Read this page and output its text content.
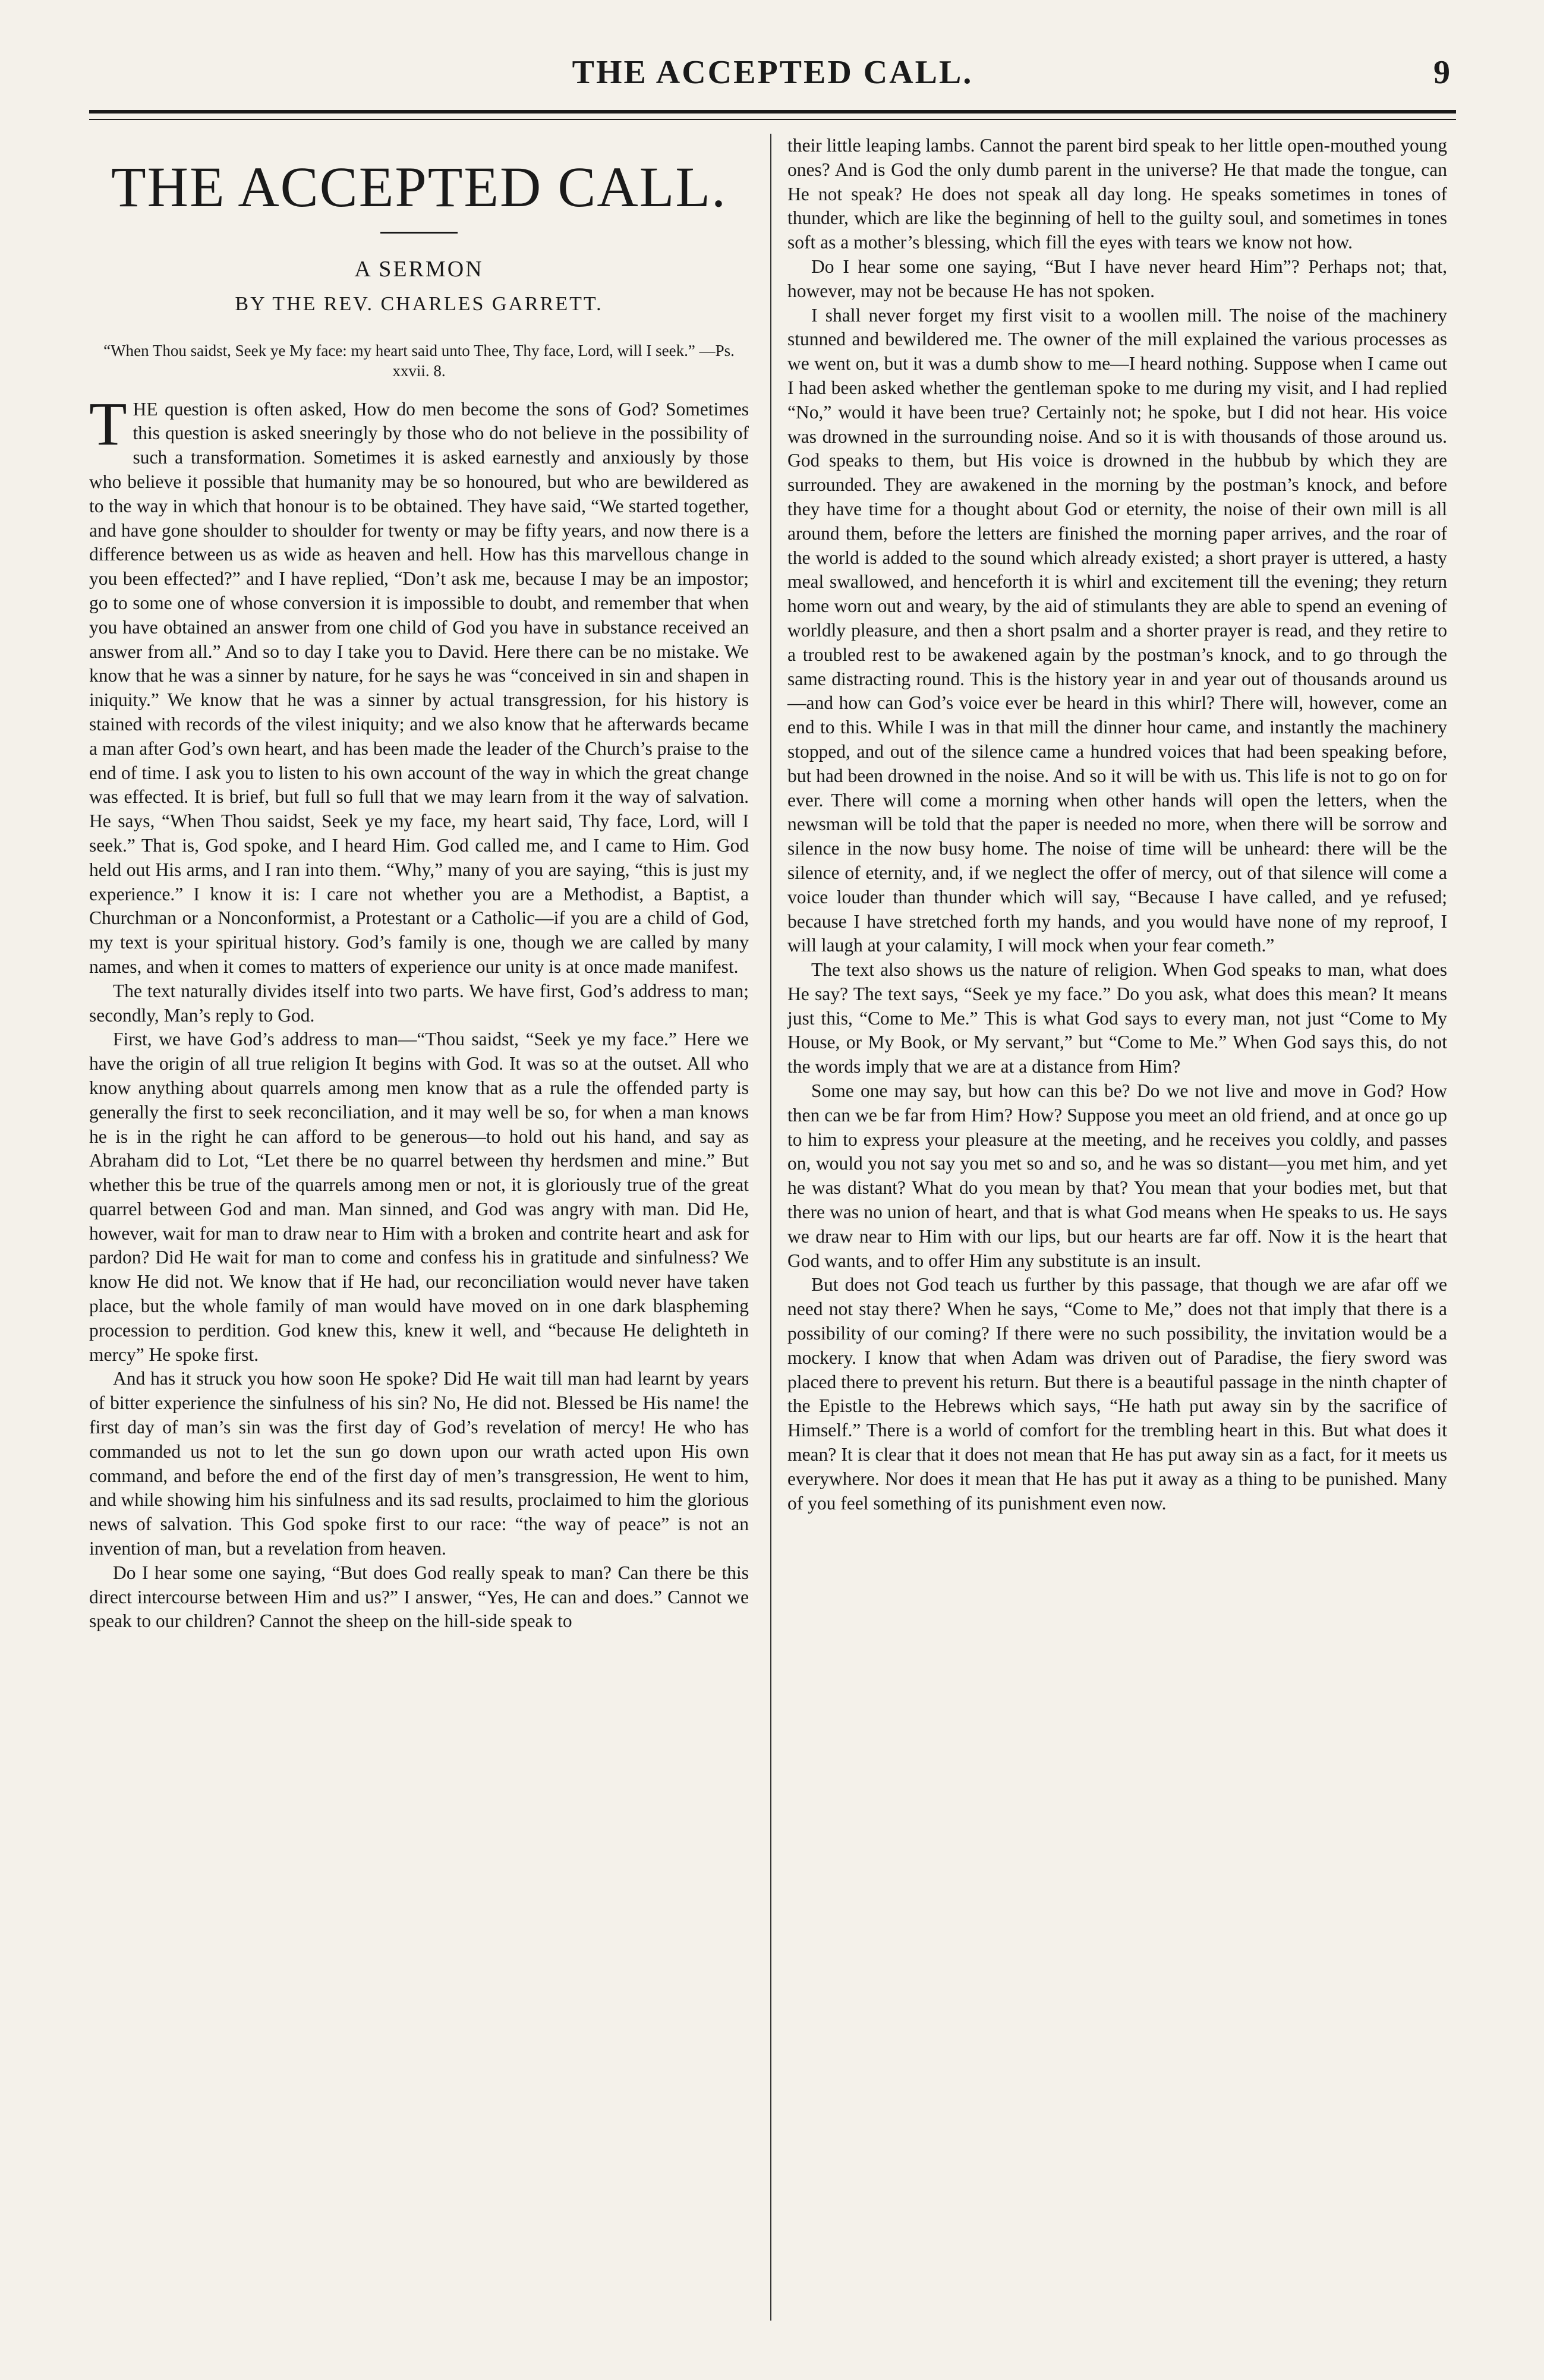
THE ACCEPTED CALL.	9
THE ACCEPTED CALL.
A SERMON
BY THE REV. CHARLES GARRETT.
“When Thou saidst, Seek ye My face: my heart said unto Thee, Thy face, Lord, will I seek.” —Ps. xxvii. 8.

THE question is often asked, How do men become the sons of God? Sometimes this question is asked sneeringly by those who do not believe in the possibility of such a transformation. Sometimes it is asked earnestly and anxiously by those who believe it possible that humanity may be so honoured, but who are bewildered as to the way in which that honour is to be obtained. They have said, “We started together, and have gone shoulder to shoulder for twenty or may be fifty years, and now there is a difference between us as wide as heaven and hell. How has this marvellous change in you been effected?” and I have replied, “Don’t ask me, because I may be an impostor; go to some one of whose conversion it is impossible to doubt, and remember that when you have obtained an answer from one child of God you have in substance received an answer from all.” And so to day I take you to David. Here there can be no mistake. We know that he was a sinner by nature, for he says he was “conceived in sin and shapen in iniquity.” We know that he was a sinner by actual transgression, for his history is stained with records of the vilest iniquity; and we also know that he afterwards became a man after God’s own heart, and has been made the leader of the Church’s praise to the end of time. I ask you to listen to his own account of the way in which the great change was effected. It is brief, but full so full that we may learn from it the way of salvation. He says, “When Thou saidst, Seek ye my face, my heart said, Thy face, Lord, will I seek.” That is, God spoke, and I heard Him. God called me, and I came to Him. God held out His arms, and I ran into them. “Why,” many of you are saying, “this is just my experience.” I know it is: I care not whether you are a Methodist, a Baptist, a Churchman or a Nonconformist, a Protestant or a Catholic—if you are a child of God, my text is your spiritual history. God’s family is one, though we are called by many names, and when it comes to matters of experience our unity is at once made manifest.

The text naturally divides itself into two parts. We have first, God’s address to man; secondly, Man’s reply to God.

First, we have God’s address to man—“Thou saidst, “Seek ye my face.” Here we have the origin of all true religion It begins with God. It was so at the outset. All who know anything about quarrels among men know that as a rule the offended party is generally the first to seek reconciliation, and it may well be so, for when a man knows he is in the right he can afford to be generous—to hold out his hand, and say as Abraham did to Lot, “Let there be no quarrel between thy herdsmen and mine.” But whether this be true of the quarrels among men or not, it is gloriously true of the great quarrel between God and man. Man sinned, and God was angry with man. Did He, however, wait for man to draw near to Him with a broken and contrite heart and ask for pardon? Did He wait for man to come and confess his in gratitude and sinfulness? We know He did not. We know that if He had, our reconciliation would never have taken place, but the whole family of man would have moved on in one dark blaspheming procession to perdition. God knew this, knew it well, and “because He delighteth in mercy” He spoke first.

And has it struck you how soon He spoke? Did He wait till man had learnt by years of bitter experience the sinfulness of his sin? No, He did not. Blessed be His name! the first day of man’s sin was the first day of God’s revelation of mercy! He who has commanded us not to let the sun go down upon our wrath acted upon His own command, and before the end of the first day of men’s transgression, He went to him, and while showing him his sinfulness and its sad results, proclaimed to him the glorious news of salvation. This God spoke first to our race: “the way of peace” is not an invention of man, but a revelation from heaven.

Do I hear some one saying, “But does God really speak to man? Can there be this direct intercourse between Him and us?” I answer, “Yes, He can and does.” Cannot we speak to our children? Cannot the sheep on the hill-side speak to

their little leaping lambs. Cannot the parent bird speak to her little open-mouthed young ones? And is God the only dumb parent in the universe? He that made the tongue, can He not speak? He does not speak all day long. He speaks sometimes in tones of thunder, which are like the beginning of hell to the guilty soul, and sometimes in tones soft as a mother’s blessing, which fill the eyes with tears we know not how.

Do I hear some one saying, “But I have never heard Him”? Perhaps not; that, however, may not be because He has not spoken.

I shall never forget my first visit to a woollen mill. The noise of the machinery stunned and bewildered me. The owner of the mill explained the various processes as we went on, but it was a dumb show to me—I heard nothing. Suppose when I came out I had been asked whether the gentleman spoke to me during my visit, and I had replied “No,” would it have been true? Certainly not; he spoke, but I did not hear. His voice was drowned in the surrounding noise. And so it is with thousands of those around us. God speaks to them, but His voice is drowned in the hubbub by which they are surrounded. They are awakened in the morning by the postman’s knock, and before they have time for a thought about God or eternity, the noise of their own mill is all around them, before the letters are finished the morning paper arrives, and the roar of the world is added to the sound which already existed; a short prayer is uttered, a hasty meal swallowed, and henceforth it is whirl and excitement till the evening; they return home worn out and weary, by the aid of stimulants they are able to spend an evening of worldly pleasure, and then a short psalm and a shorter prayer is read, and they retire to a troubled rest to be awakened again by the postman’s knock, and to go through the same distracting round. This is the history year in and year out of thousands around us—and how can God’s voice ever be heard in this whirl? There will, however, come an end to this. While I was in that mill the dinner hour came, and instantly the machinery stopped, and out of the silence came a hundred voices that had been speaking before, but had been drowned in the noise. And so it will be with us. This life is not to go on for ever. There will come a morning when other hands will open the letters, when the newsman will be told that the paper is needed no more, when there will be sorrow and silence in the now busy home. The noise of time will be unheard: there will be the silence of eternity, and, if we neglect the offer of mercy, out of that silence will come a voice louder than thunder which will say, “Because I have called, and ye refused; because I have stretched forth my hands, and you would have none of my reproof, I will laugh at your calamity, I will mock when your fear cometh.”

The text also shows us the nature of religion. When God speaks to man, what does He say? The text says, “Seek ye my face.” Do you ask, what does this mean? It means just this, “Come to Me.” This is what God says to every man, not just “Come to My House, or My Book, or My servant,” but “Come to Me.” When God says this, do not the words imply that we are at a distance from Him?

Some one may say, but how can this be? Do we not live and move in God? How then can we be far from Him? How? Suppose you meet an old friend, and at once go up to him to express your pleasure at the meeting, and he receives you coldly, and passes on, would you not say you met so and so, and he was so distant—you met him, and yet he was distant? What do you mean by that? You mean that your bodies met, but that there was no union of heart, and that is what God means when He speaks to us. He says we draw near to Him with our lips, but our hearts are far off. Now it is the heart that God wants, and to offer Him any substitute is an insult.

But does not God teach us further by this passage, that though we are afar off we need not stay there? When he says, “Come to Me,” does not that imply that there is a possibility of our coming? If there were no such possibility, the invitation would be a mockery. I know that when Adam was driven out of Paradise, the fiery sword was placed there to prevent his return. But there is a beautiful passage in the ninth chapter of the Epistle to the Hebrews which says, “He hath put away sin by the sacrifice of Himself.” There is a world of comfort for the trembling heart in this. But what does it mean? It is clear that it does not mean that He has put away sin as a fact, for it meets us everywhere. Nor does it mean that He has put it away as a thing to be punished. Many of you feel something of its punishment even now.
